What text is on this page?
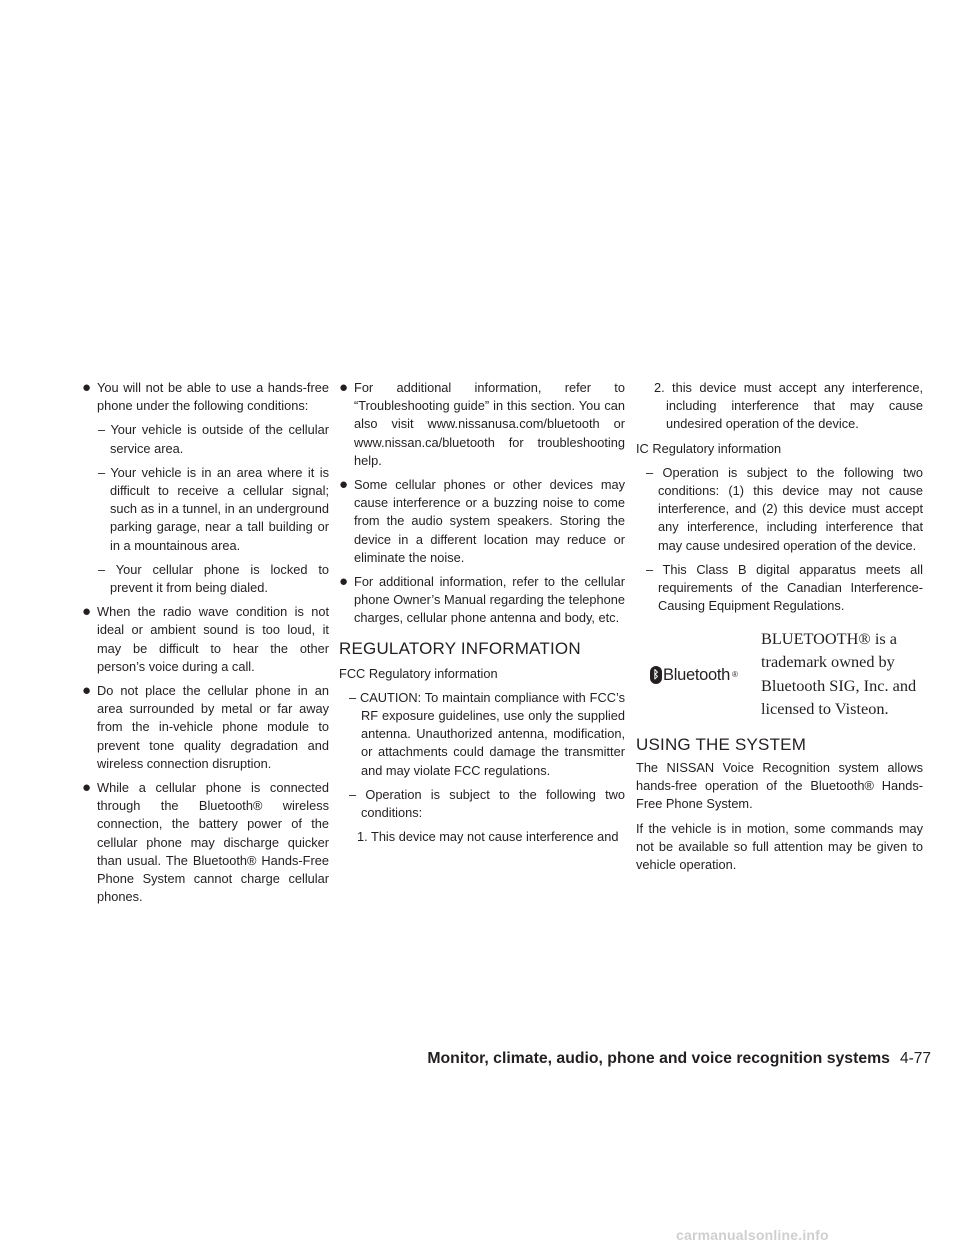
● You will not be able to use a hands-free phone under the following conditions:

– Your vehicle is outside of the cellular service area.

– Your vehicle is in an area where it is difficult to receive a cellular signal; such as in a tunnel, in an underground parking garage, near a tall building or in a mountainous area.

– Your cellular phone is locked to prevent it from being dialed.

● When the radio wave condition is not ideal or ambient sound is too loud, it may be difficult to hear the other person’s voice during a call.

● Do not place the cellular phone in an area surrounded by metal or far away from the in-vehicle phone module to prevent tone quality degradation and wireless connection disruption.

● While a cellular phone is connected through the Bluetooth® wireless connection, the battery power of the cellular phone may discharge quicker than usual. The Bluetooth® Hands-Free Phone System cannot charge cellular phones.

● For additional information, refer to “Troubleshooting guide” in this section. You can also visit www.nissanusa.com/bluetooth or www.nissan.ca/bluetooth for troubleshooting help.

● Some cellular phones or other devices may cause interference or a buzzing noise to come from the audio system speakers. Storing the device in a different location may reduce or eliminate the noise.

● For additional information, refer to the cellular phone Owner’s Manual regarding the telephone charges, cellular phone antenna and body, etc.

REGULATORY INFORMATION

FCC Regulatory information

– CAUTION: To maintain compliance with FCC’s RF exposure guidelines, use only the supplied antenna. Unauthorized antenna, modification, or attachments could damage the transmitter and may violate FCC regulations.

– Operation is subject to the following two conditions:

1. This device may not cause interference and

2. this device must accept any interference, including interference that may cause undesired operation of the device.

IC Regulatory information

– Operation is subject to the following two conditions: (1) this device may not cause interference, and (2) this device must accept any interference, including interference that may cause undesired operation of the device.

– This Class B digital apparatus meets all requirements of the Canadian Interference-Causing Equipment Regulations.

ᛒ Bluetooth ®
BLUETOOTH® is a trademark owned by Bluetooth SIG, Inc. and licensed to Visteon.
USING THE SYSTEM

The NISSAN Voice Recognition system allows hands-free operation of the Bluetooth® Hands-Free Phone System.

If the vehicle is in motion, some commands may not be available so full attention may be given to vehicle operation.

Monitor, climate, audio, phone and voice recognition systems 4-77
carmanualsonline.info
